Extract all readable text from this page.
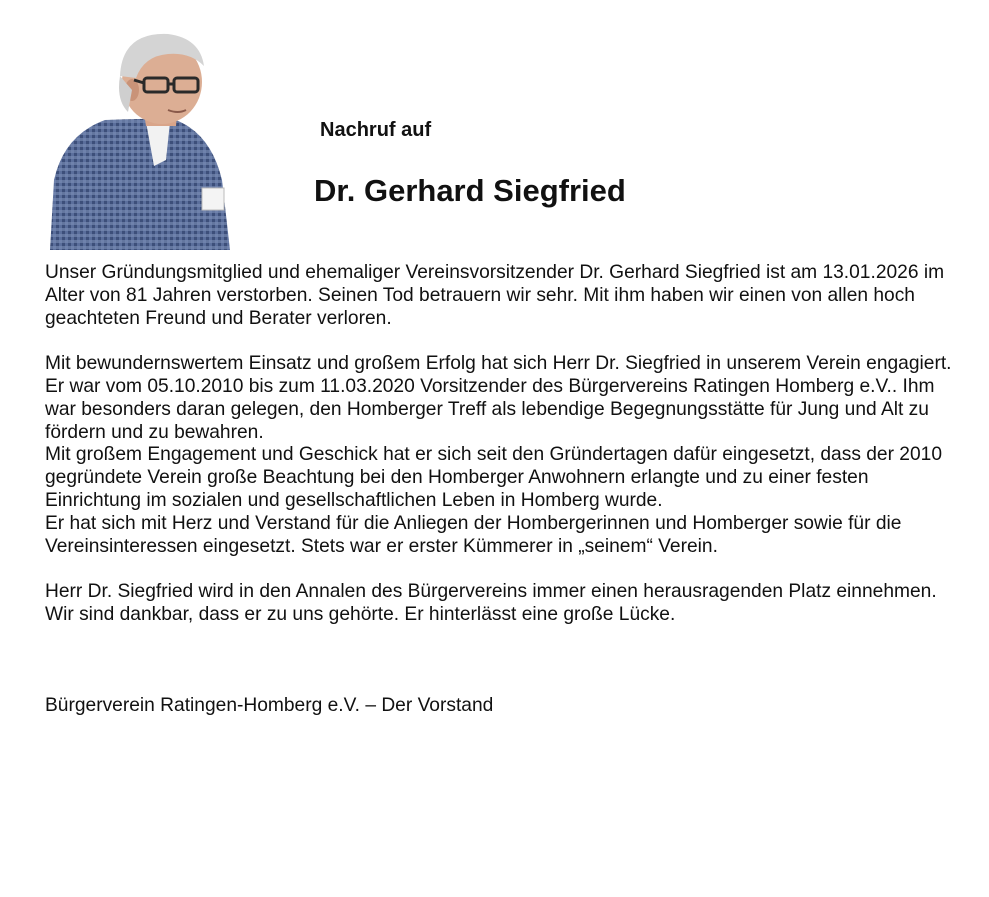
Nachruf auf
Dr. Gerhard Siegfried

Unser Gründungsmitglied und ehemaliger Vereinsvorsitzender Dr. Gerhard Siegfried ist am 13.01.2026 im Alter von 81 Jahren verstorben. Seinen Tod betrauern wir sehr. Mit ihm haben wir einen von allen hoch geachteten Freund und Berater verloren.

Mit bewundernswertem Einsatz und großem Erfolg hat sich Herr Dr. Siegfried in unserem Verein engagiert. Er war vom 05.10.2010 bis zum 11.03.2020 Vorsitzender des Bürgervereins Ratingen Homberg e.V.. Ihm war besonders daran gelegen, den Homberger Treff als lebendige Begegnungsstätte für Jung und Alt zu fördern und zu bewahren.

Mit großem Engagement und Geschick hat er sich seit den Gründertagen dafür eingesetzt, dass der 2010 gegründete Verein große Beachtung bei den Homberger Anwohnern erlangte und zu einer festen Einrichtung im sozialen und gesellschaftlichen Leben in Homberg wurde.

Er hat sich mit Herz und Verstand für die Anliegen der Hombergerinnen und Homberger sowie für die Vereinsinteressen eingesetzt. Stets war er erster Kümmerer in „seinem“ Verein.

Herr Dr. Siegfried wird in den Annalen des Bürgervereins immer einen herausragenden Platz einnehmen. Wir sind dankbar, dass er zu uns gehörte. Er hinterlässt eine große Lücke.

Bürgerverein Ratingen-Homberg e.V. – Der Vorstand
